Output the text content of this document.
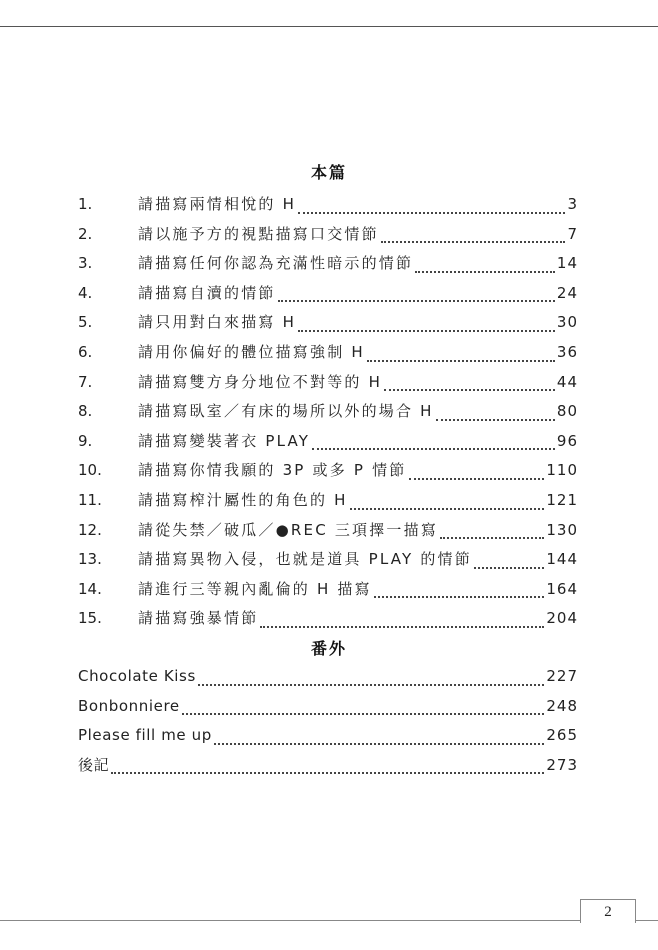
本篇
1.	請描寫兩情相悅的 H	3
2.	請以施予方的視點描寫口交情節	7
3.	請描寫任何你認為充滿性暗示的情節	14
4.	請描寫自瀆的情節	24
5.	請只用對白來描寫 H	30
6.	請用你偏好的體位描寫強制 H	36
7.	請描寫雙方身分地位不對等的 H	44
8.	請描寫臥室／有床的場所以外的場合 H	80
9.	請描寫變裝著衣 PLAY	96
10.	請描寫你情我願的 3P 或多 P 情節	110
11.	請描寫榨汁屬性的角色的 H	121
12.	請從失禁／破瓜／●REC 三項擇一描寫	130
13.	請描寫異物入侵，也就是道具 PLAY 的情節	144
14.	請進行三等親內亂倫的 H 描寫	164
15.	請描寫強暴情節	204
番外
Chocolate Kiss	227
Bonbonniere	248
Please fill me up	265
後記	273
2
